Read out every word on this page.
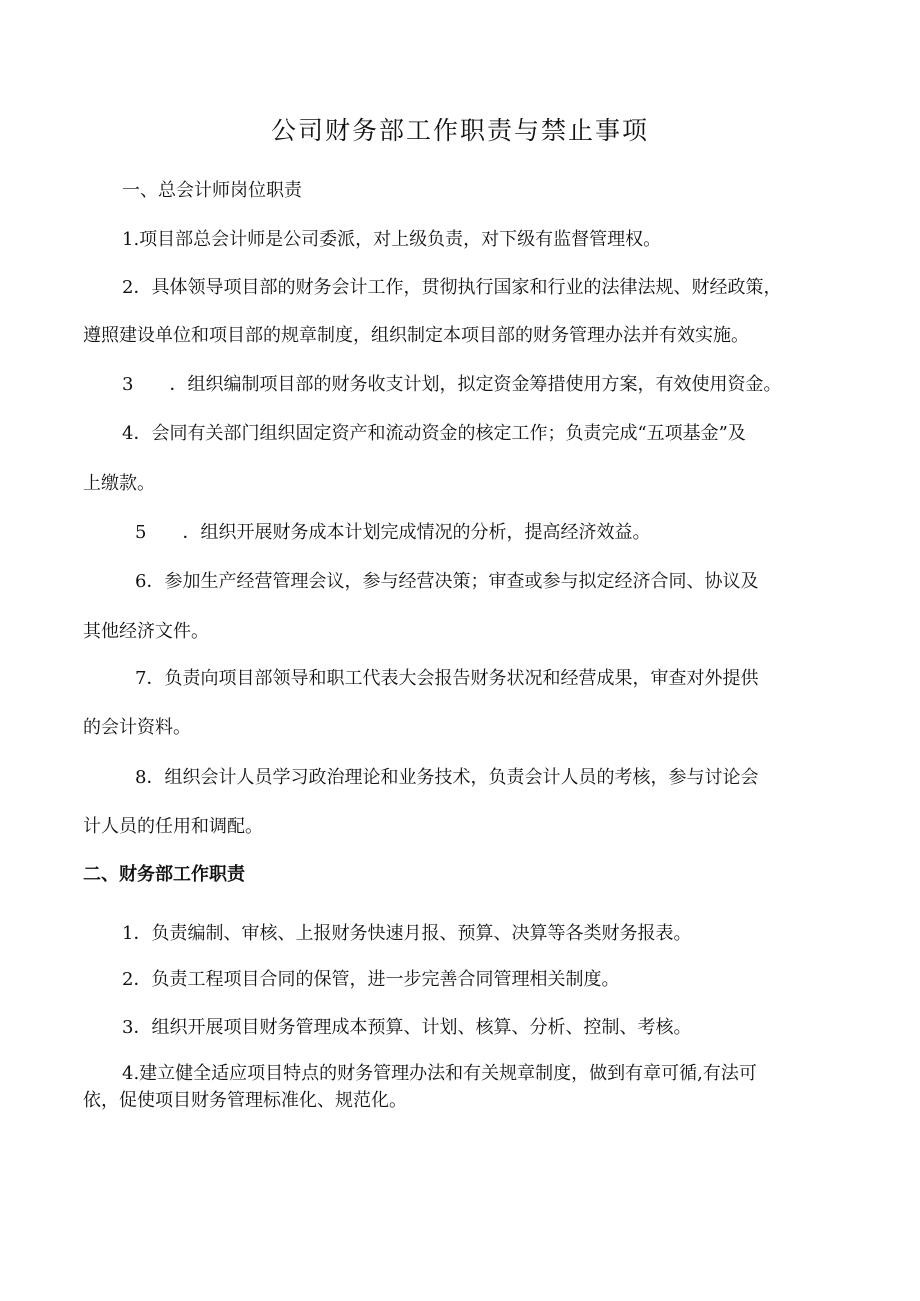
公司财务部工作职责与禁止事项

一、总会计师岗位职责

1.项目部总会计师是公司委派，对上级负责，对下级有监督管理权。

2．具体领导项目部的财务会计工作，贯彻执行国家和行业的法律法规、财经政策，

遵照建设单位和项目部的规章制度，组织制定本项目部的财务管理办法并有效实施。

3　　．组织编制项目部的财务收支计划，拟定资金筹措使用方案，有效使用资金。

4．会同有关部门组织固定资产和流动资金的核定工作；负责完成“五项基金”及

上缴款。

5　　．组织开展财务成本计划完成情况的分析，提高经济效益。

6．参加生产经营管理会议，参与经营决策；审查或参与拟定经济合同、协议及

其他经济文件。

7．负责向项目部领导和职工代表大会报告财务状况和经营成果，审查对外提供

的会计资料。

8．组织会计人员学习政治理论和业务技术，负责会计人员的考核，参与讨论会

计人员的任用和调配。

二、财务部工作职责

1．负责编制、审核、上报财务快速月报、预算、决算等各类财务报表。

2．负责工程项目合同的保管，进一步完善合同管理相关制度。

3．组织开展项目财务管理成本预算、计划、核算、分析、控制、考核。

4.建立健全适应项目特点的财务管理办法和有关规章制度，做到有章可循,有法可

依，促使项目财务管理标准化、规范化。
